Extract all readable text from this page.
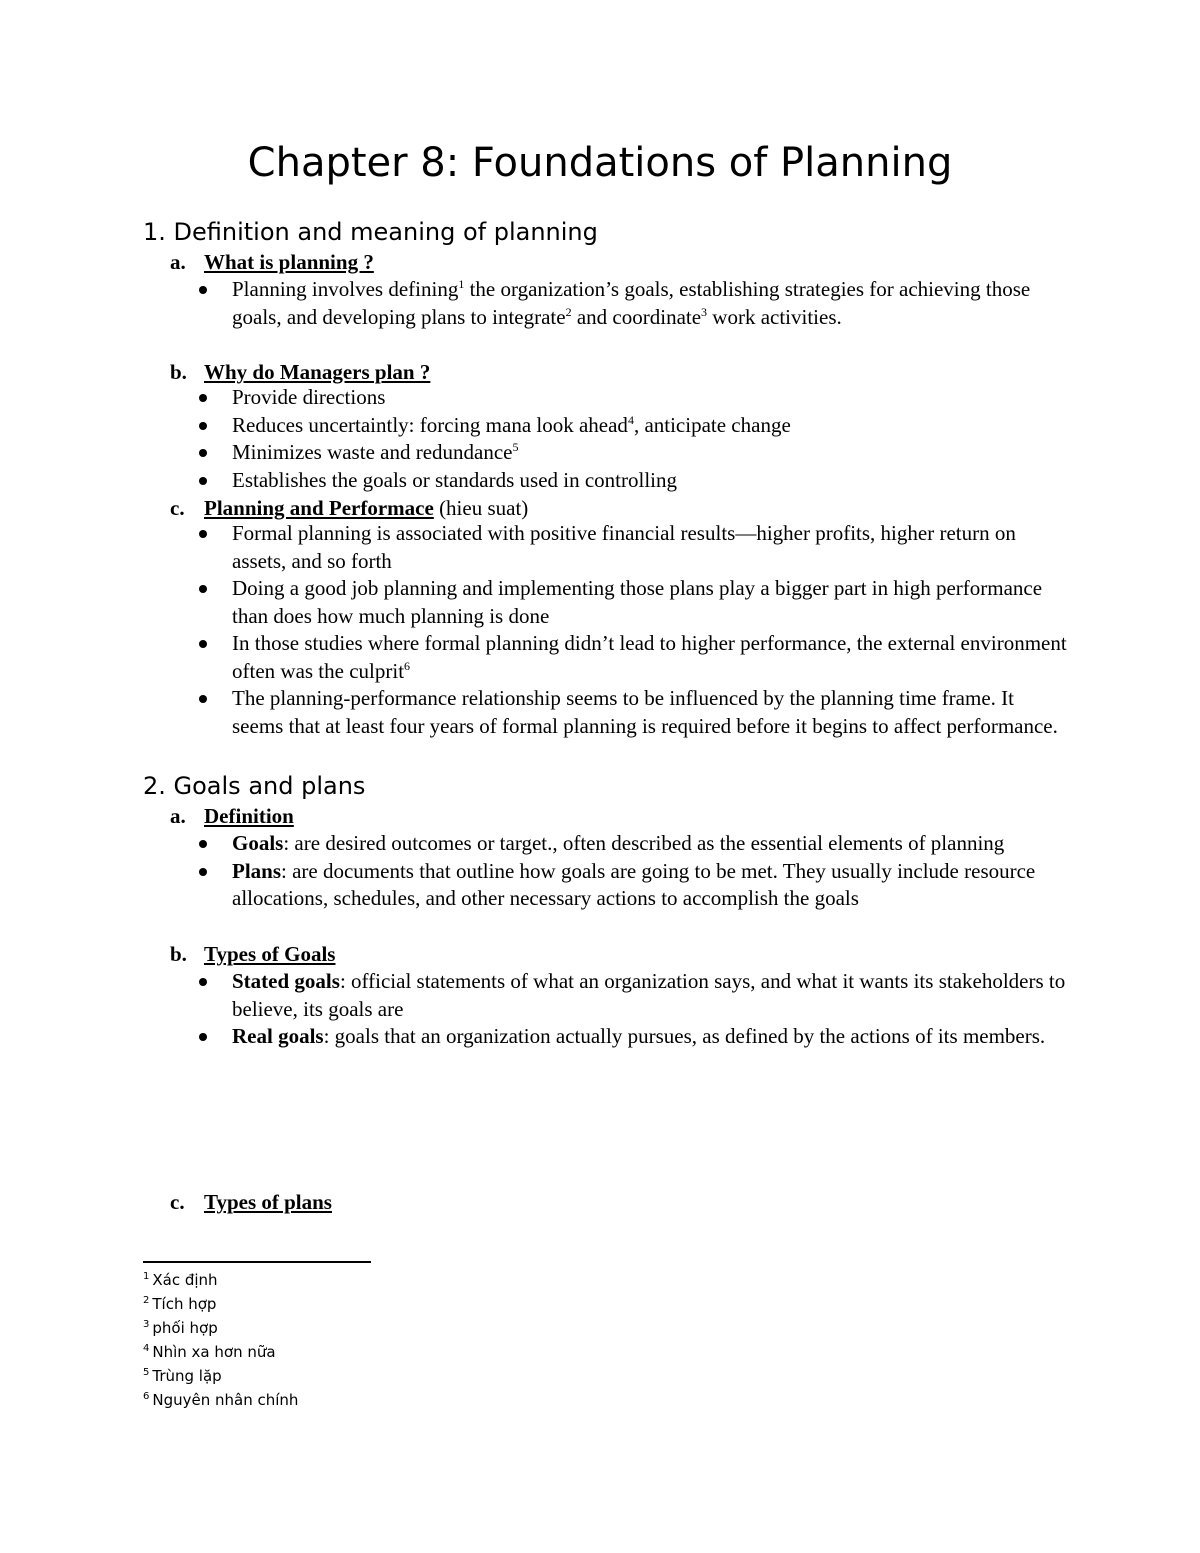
Chapter 8: Foundations of Planning
1. Definition and meaning of planning

a. What is planning ?

Planning involves defining$^1$ the organization’s goals, establishing strategies for achieving those goals, and developing plans to integrate$^2$ and coordinate$^3$ work activities.

b. Why do Managers plan ?

Provide directions
Reduces uncertaintly: forcing mana look ahead$^4$, anticipate change
Minimizes waste and redundance$^5$
Establishes the goals or standards used in controlling

c. Planning and Performace (hieu suat)

Formal planning is associated with positive financial results—higher profits, higher return on assets, and so forth
Doing a good job planning and implementing those plans play a bigger part in high performance than does how much planning is done
In those studies where formal planning didn’t lead to higher performance, the external environment often was the culprit$^6$
The planning-performance relationship seems to be influenced by the planning time frame. It seems that at least four years of formal planning is required before it begins to affect performance.
2. Goals and plans

a. Definition

Goals: are desired outcomes or target., often described as the essential elements of planning
Plans: are documents that outline how goals are going to be met. They usually include resource allocations, schedules, and other necessary actions to accomplish the goals

b. Types of Goals

Stated goals: official statements of what an organization says, and what it wants its stakeholders to believe, its goals are
Real goals: goals that an organization actually pursues, as defined by the actions of its members.

c. Types of plans

$^1$ Xác định
$^2$ Tích hợp
$^3$ phối hợp
$^4$ Nhìn xa hơn nữa
$^5$ Trùng lặp
$^6$ Nguyên nhân chính
